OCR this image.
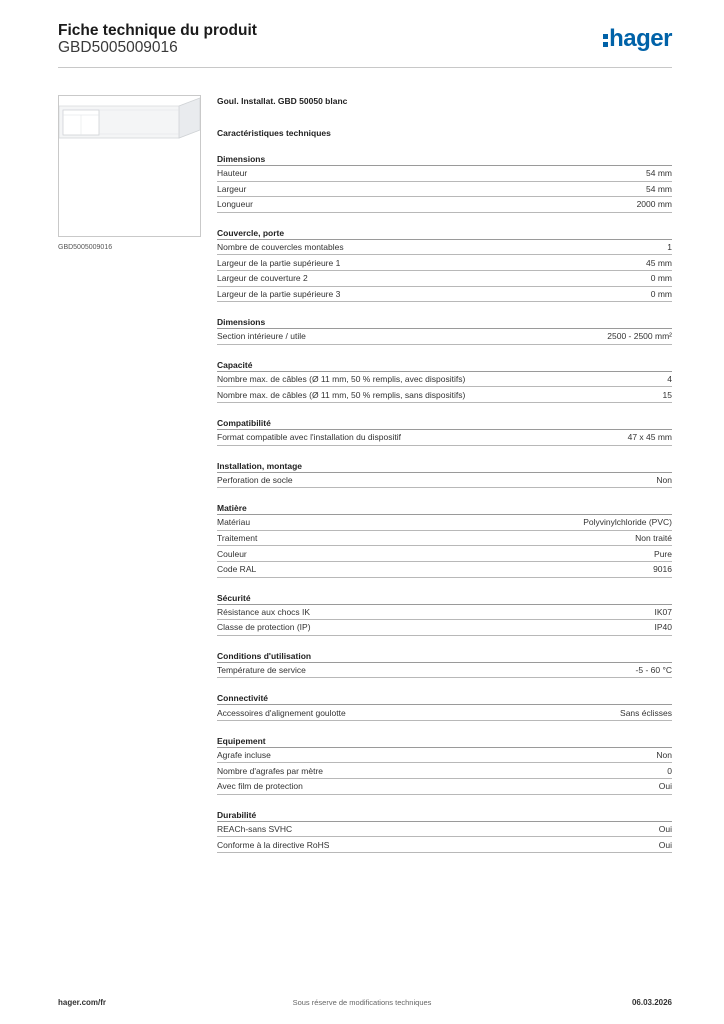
Fiche technique du produit
GBD5005009016	hager
GBD5005009016
Goul. Installat. GBD 50050 blanc
Caractéristiques techniques
Dimensions
Hauteur	54 mm
Largeur	54 mm
Longueur	2000 mm
Couvercle, porte
Nombre de couvercles montables	1
Largeur de la partie supérieure 1	45 mm
Largeur de couverture 2	0 mm
Largeur de la partie supérieure 3	0 mm
Dimensions
Section intérieure / utile	2500 - 2500 mm²
Capacité
Nombre max. de câbles (Ø 11 mm, 50 % remplis, avec dispositifs)	4
Nombre max. de câbles (Ø 11 mm, 50 % remplis, sans dispositifs)	15
Compatibilité
Format compatible avec l'installation du dispositif	47 x 45 mm
Installation, montage
Perforation de socle	Non
Matière
Matériau	Polyvinylchloride (PVC)
Traitement	Non traité
Couleur	Pure
Code RAL	9016
Sécurité
Résistance aux chocs IK	IK07
Classe de protection (IP)	IP40
Conditions d'utilisation
Température de service	-5 - 60 °C
Connectivité
Accessoires d'alignement goulotte	Sans éclisses
Equipement
Agrafe incluse	Non
Nombre d'agrafes par mètre	0
Avec film de protection	Oui
Durabilité
REACh-sans SVHC	Oui
Conforme à la directive RoHS	Oui
hager.com/fr	Sous réserve de modifications techniques	06.03.2026
